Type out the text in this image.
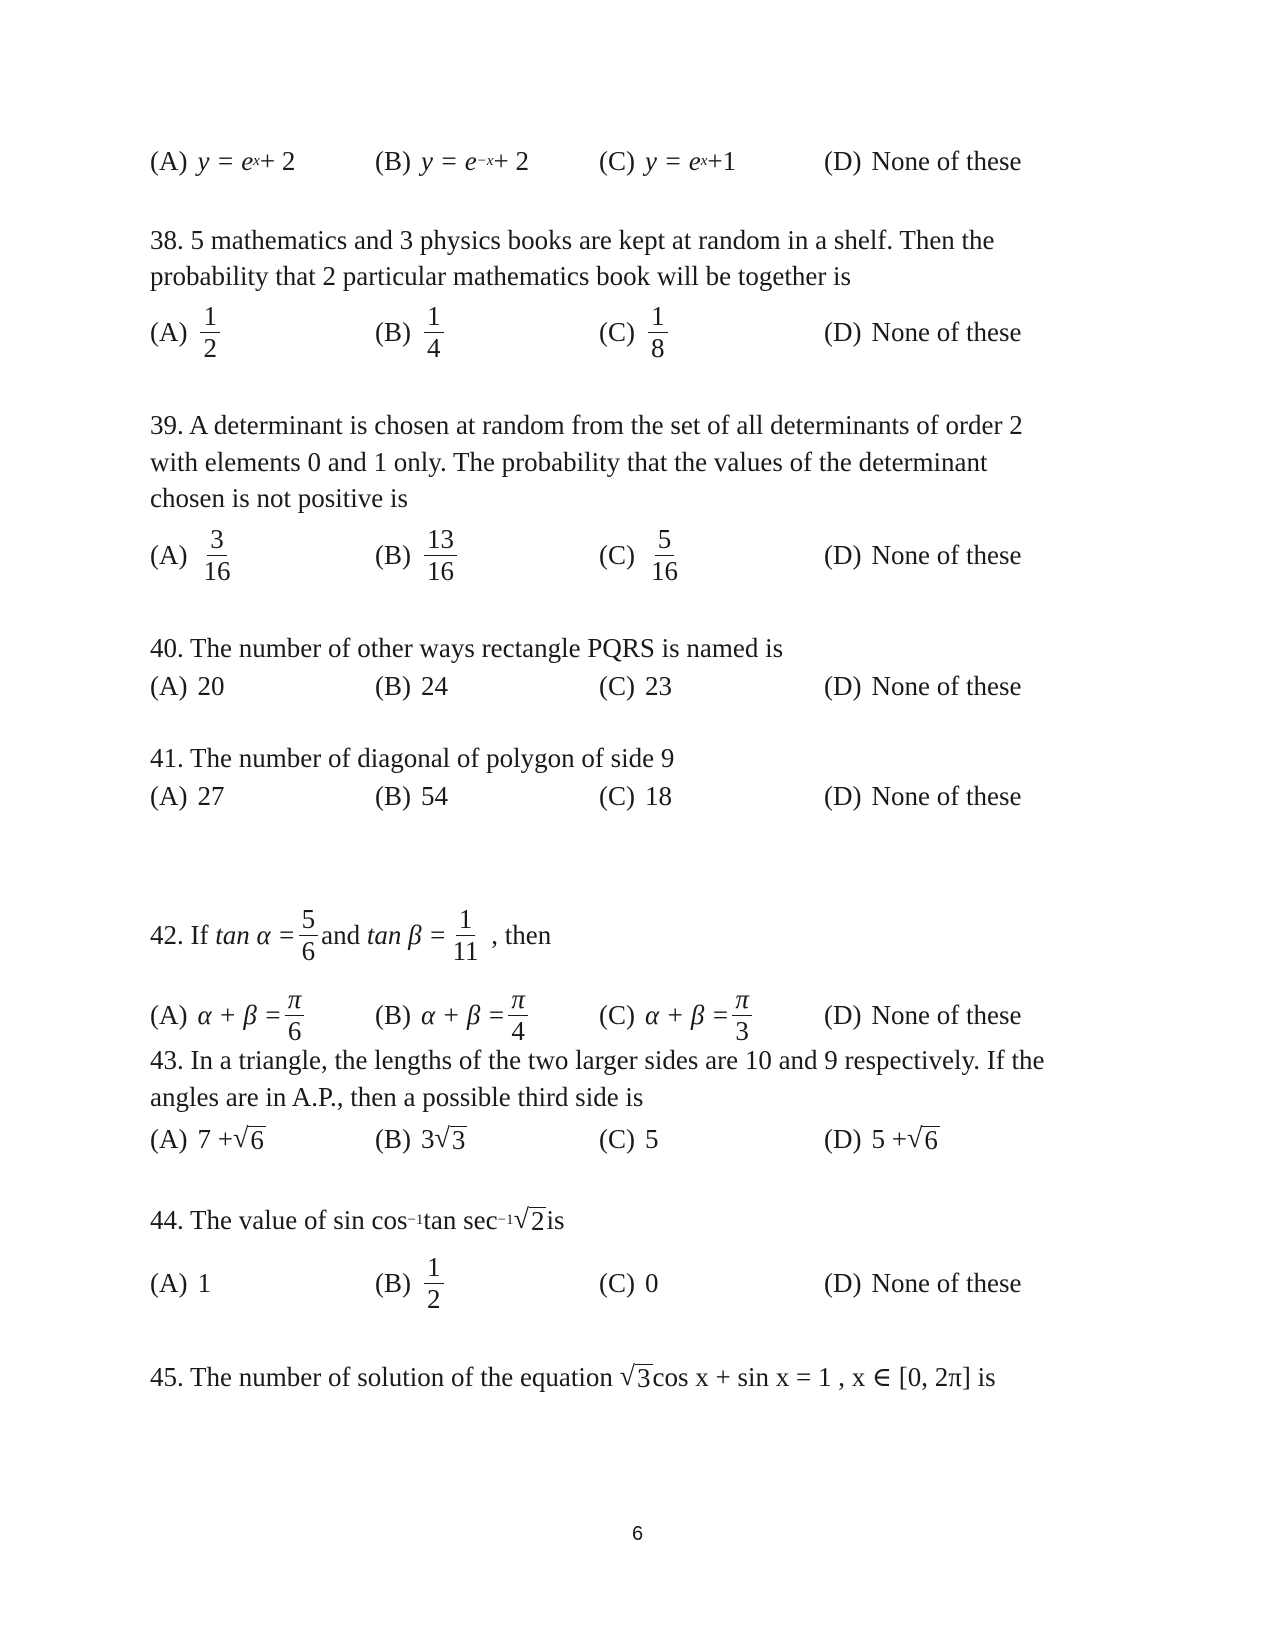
(A) y = e x + 2	(B) y = e −x + 2	(C) y = e x +1	(D) None of these
38. 5 mathematics and 3 physics books are kept at random in a shelf. Then the
probability that 2 particular mathematics book will be together is
$(A) \frac{1}{2}$	$(B) \frac{1}{4}$	$(C) \frac{1}{8}$	(D) None of these
39. A determinant is chosen at random from the set of all determinants of order 2
with elements 0 and 1 only. The probability that the values of the determinant
chosen is not positive is
$(A) \frac{3}{16}$	$(B) \frac{13}{16}$	$(C) \frac{5}{16}$	(D) None of these
40. The number of other ways rectangle PQRS is named is
(A) 20	(B) 24	(C) 23	(D) None of these
41. The number of diagonal of polygon of side 9
(A) 27	(B) 54	(C) 18	(D) None of these
42. If
$\tan \alpha = \frac{5}{6}$ and
$\tan \beta = \frac{1}{11}$
, then
(A) $\alpha + \beta = \frac{\pi}{6}$	(B) $\alpha + \beta = \frac{\pi}{4}$	(C) $\alpha + \beta = \frac{\pi}{3}$	(D) None of these
43. In a triangle, the lengths of the two larger sides are 10 and 9 respectively. If the
angles are in A.P., then a possible third side is
(A) 7 + √ 6	(B) 3 √ 3	(C) 5	(D) 5 + √ 6
44. The value of sin cos −1 tan sec −1 √ 2 is
(A) 1	$(B) \frac{1}{2}$	(C) 0	(D) None of these
45. The number of solution of the equation
√ 3 cos x + sin x = 1 , x ∈ [0, 2π] is
6
